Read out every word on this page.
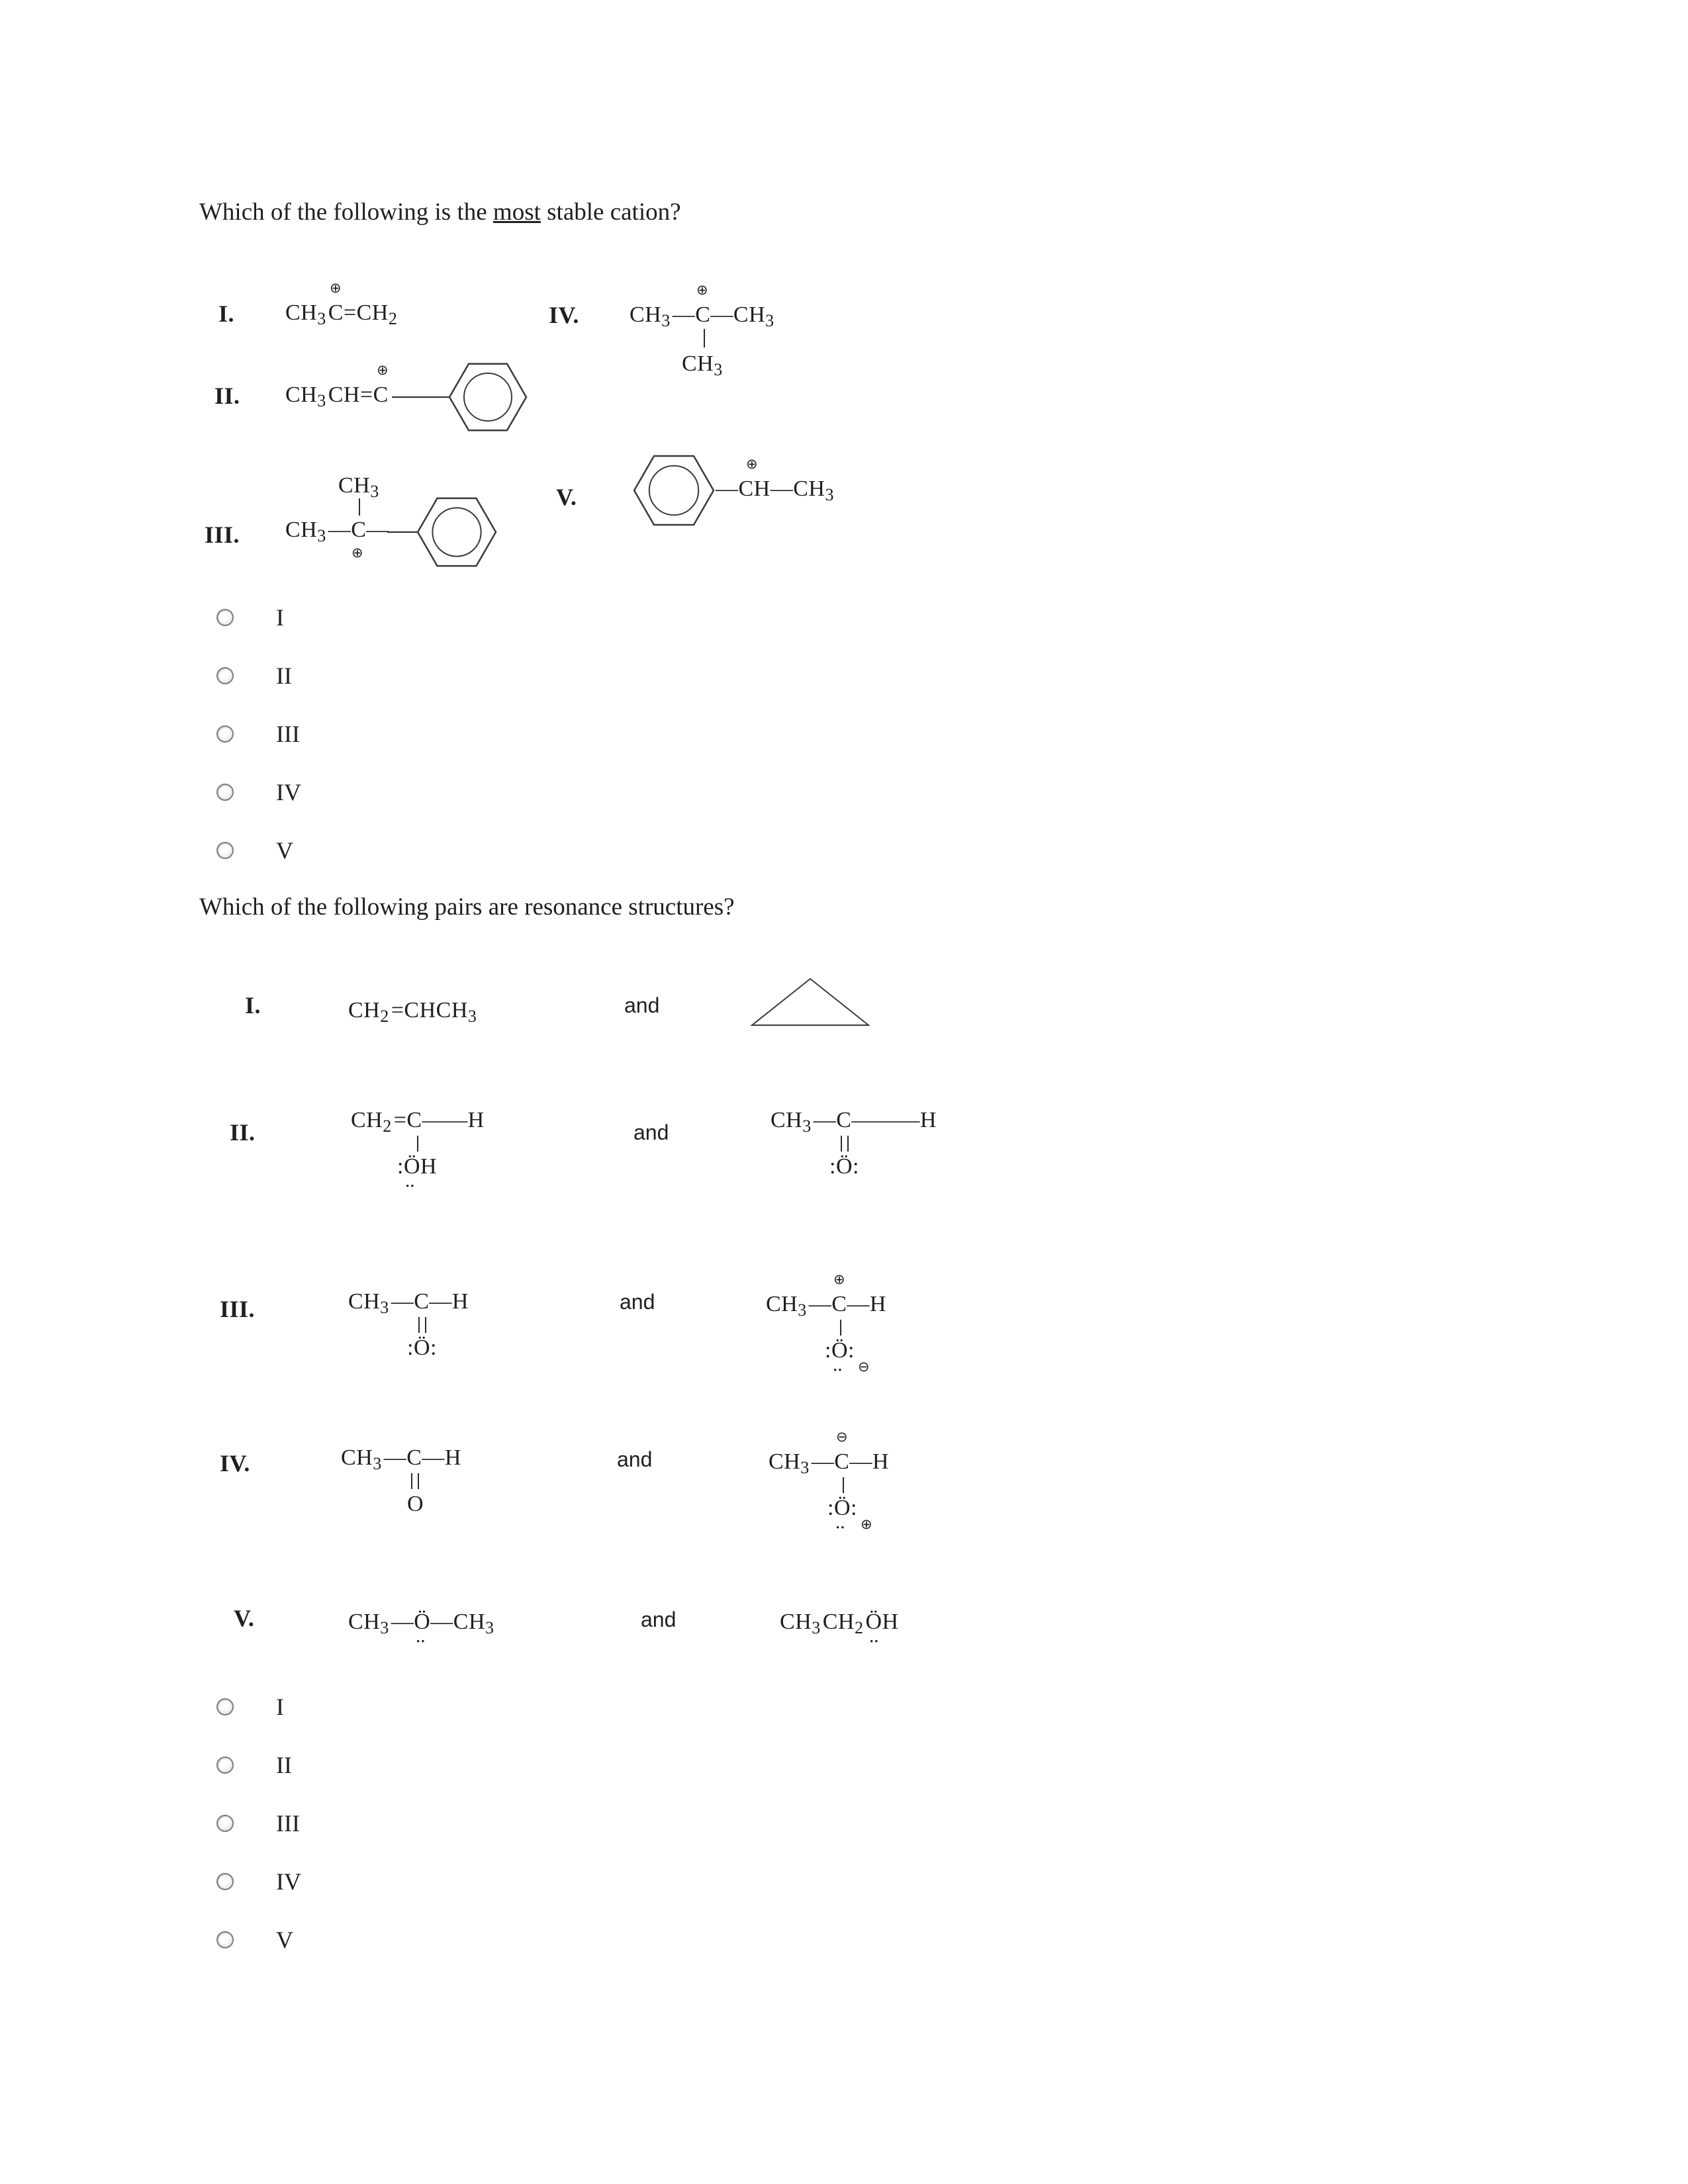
Which of the following is the most stable cation?
I. $CH_3C=CH_2$
⊕
IV. $CH_3—C—CH_3$
⊕
$CH_3$
II. $CH_3CH=C$
⊕
III.
$CH_3$
$CH_3—C—$
⊕
V.	$—CH—CH_3$
⊕
I.	$CH_2=CHCH_3$	and
II.	$CH_2=C——H$
:ÖH
••
and	$CH_3—C———H$
:Ö:
III.	$CH_3—C—H$
:Ö:
and
⊕
$CH_3—C—H$
:Ö:
•• ⊖
IV.	$CH_3—C—H$
O
and
⊖
$CH_3—C—H$
:Ö:
•• ⊕
V.	$CH_3—Ö—CH_3$
••
and	$CH_3CH_2ÖH$
••
I
II
III
IV
V
Which of the following pairs are resonance structures?
I
II
III
IV
V
